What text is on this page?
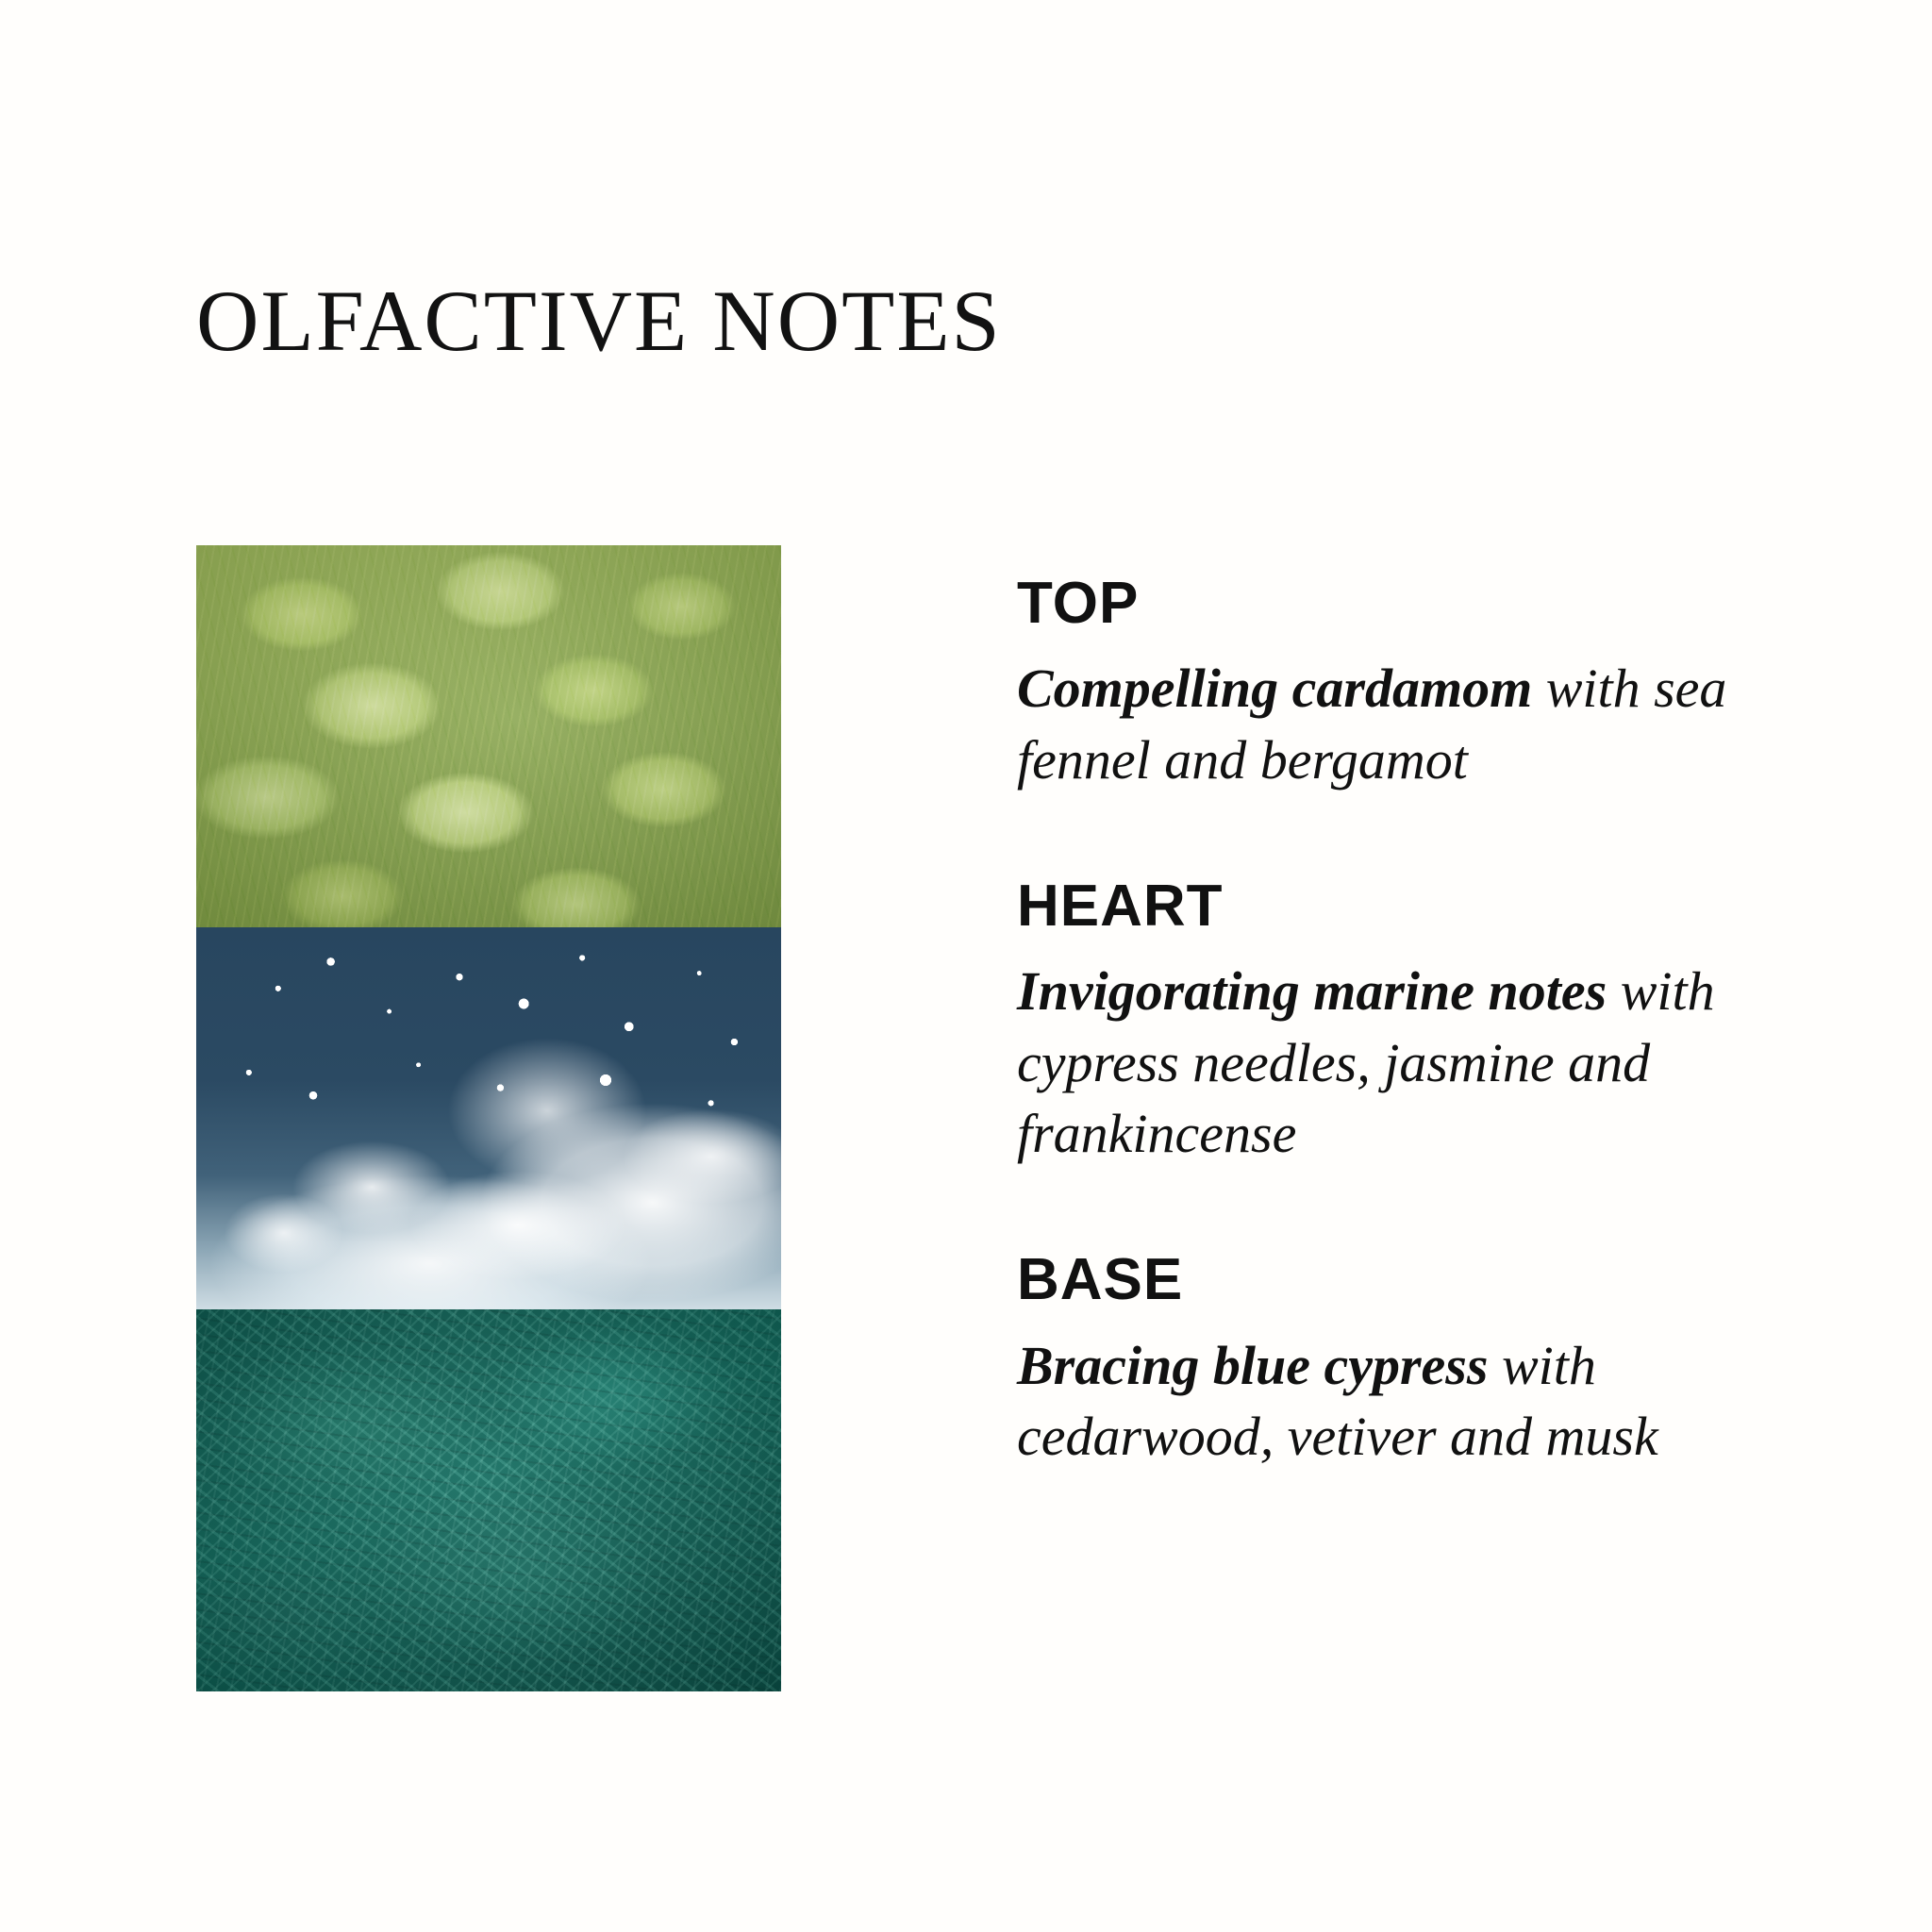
OLFACTIVE NOTES
TOP
Compelling cardamom with sea fennel and bergamot
HEART
Invigorating marine notes with cypress needles, jasmine and frankincense
BASE
Bracing blue cypress with cedarwood, vetiver and musk
